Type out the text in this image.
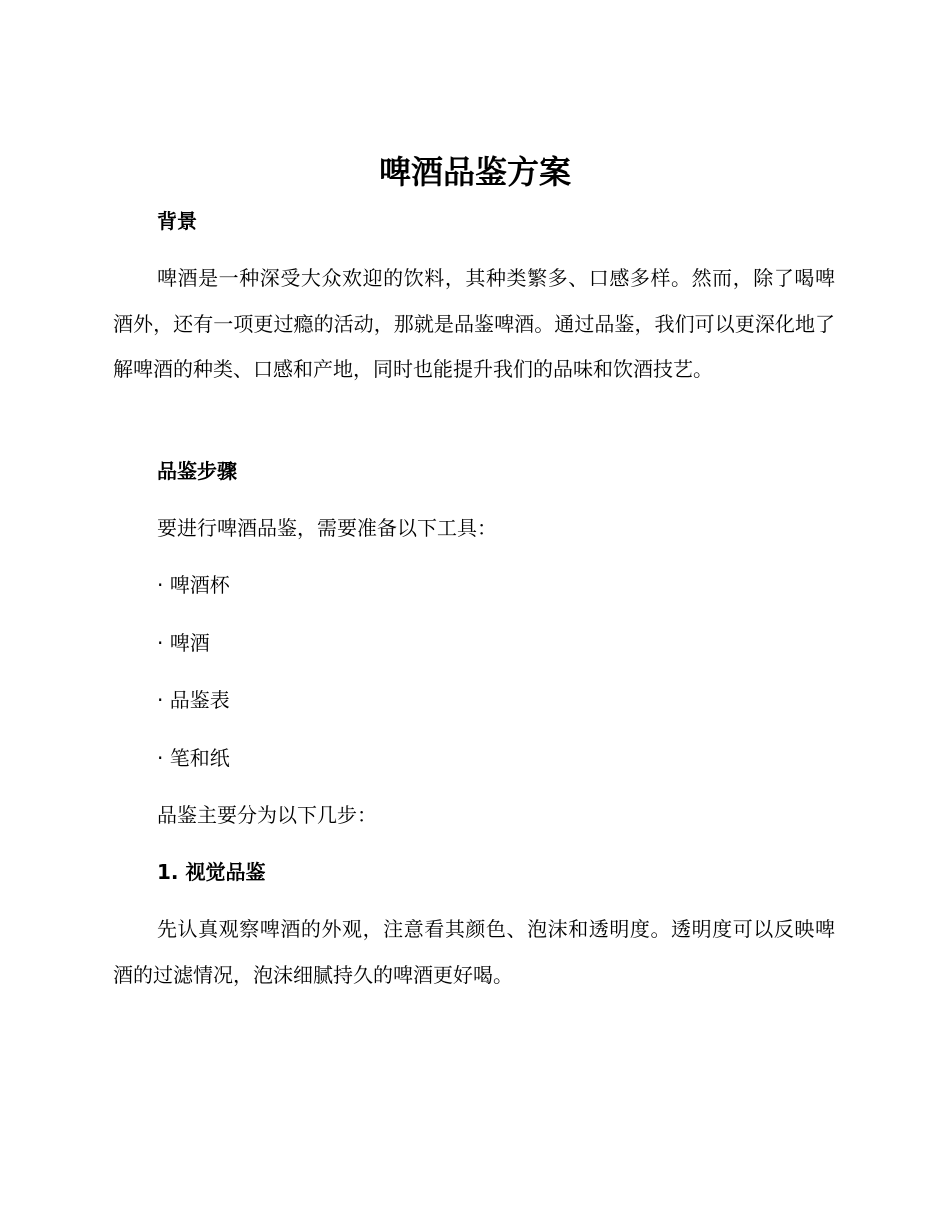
啤酒品鉴方案
背景

啤酒是一种深受大众欢迎的饮料，其种类繁多、口感多样。然而，除了喝啤酒外，还有一项更过瘾的活动，那就是品鉴啤酒。通过品鉴，我们可以更深化地了解啤酒的种类、口感和产地，同时也能提升我们的品味和饮酒技艺。

品鉴步骤

要进行啤酒品鉴，需要准备以下工具：

· 啤酒杯
· 啤酒
· 品鉴表
· 笔和纸

品鉴主要分为以下几步：

1. 视觉品鉴

先认真观察啤酒的外观，注意看其颜色、泡沫和透明度。透明度可以反映啤酒的过滤情况，泡沫细腻持久的啤酒更好喝。
